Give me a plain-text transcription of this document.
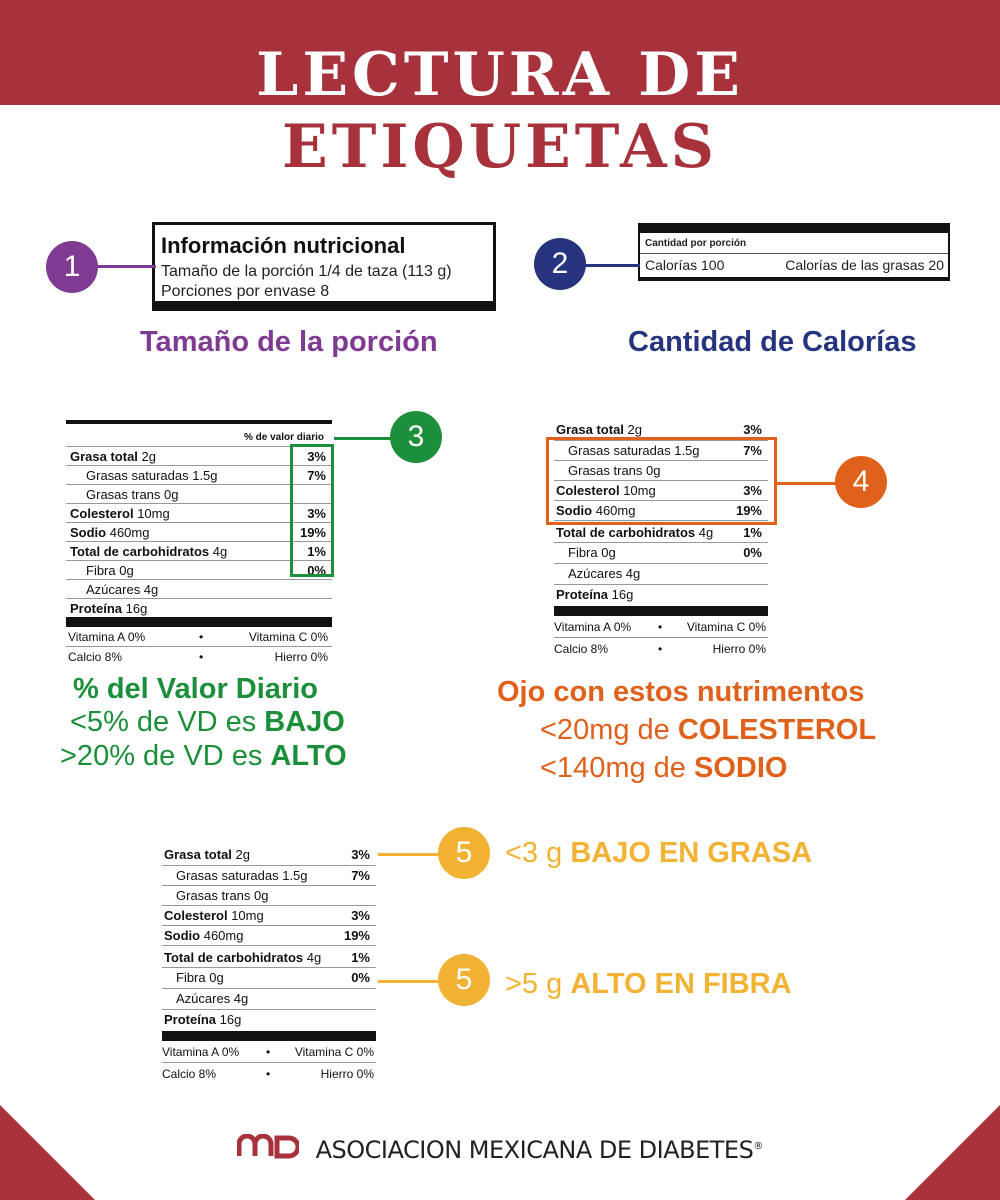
LECTURA DE
ETIQUETAS
Información nutricional
Tamaño de la porción 1/4 de taza (113 g)
Porciones por envase 8
1
Tamaño de la porción
Cantidad por porción
Calorías 100	Calorías de las grasas 20
2
Cantidad de Calorías
% de valor diario
Grasa total 2g	3%
Grasas saturadas 1.5g	7%
Grasas trans 0g
Colesterol 10mg	3%
Sodio 460mg	19%
Total de carbohidratos 4g	1%
Fibra 0g	0%
Azúcares 4g
Proteína 16g
Vitamina A 0%	•	Vitamina C 0%
Calcio 8%	•	Hierro 0%
3
% del Valor Diario
<5% de VD es BAJO
>20% de VD es ALTO
Grasa total 2g	3%
Grasas saturadas 1.5g	7%
Grasas trans 0g
Colesterol 10mg	3%
Sodio 460mg	19%
Total de carbohidratos 4g 1%
Fibra 0g	0%
Azúcares 4g
Proteína 16g
Vitamina A 0% • Vitamina C 0%
Calcio 8%	•	Hierro 0%
4
Ojo con estos nutrimentos
<20mg de COLESTEROL
<140mg de SODIO
Grasa total 2g	3%
Grasas saturadas 1.5g	7%
Grasas trans 0g
Colesterol 10mg	3%
Sodio 460mg	19%
Total de carbohidratos 4g 1%
Fibra 0g	0%
Azúcares 4g
Proteína 16g
Vitamina A 0% • Vitamina C 0%
Calcio 8%	•	Hierro 0%
5	<3 g BAJO EN GRASA
5	>5 g ALTO EN FIBRA
ASOCIACION MEXICANA DE DIABETES®
